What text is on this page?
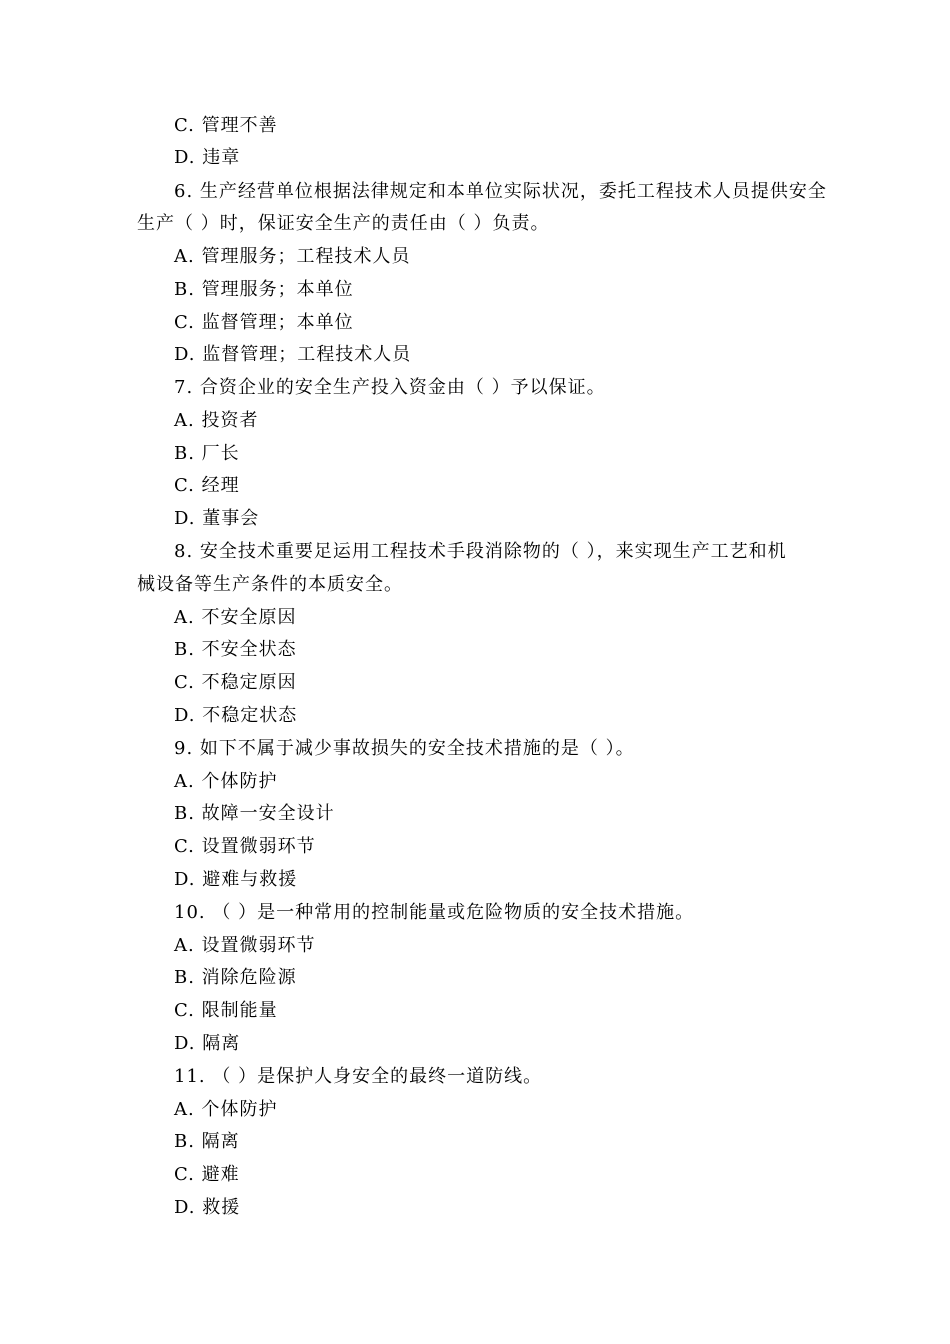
C. 管理不善
D. 违章
6. 生产经营单位根据法律规定和本单位实际状况，委托工程技术人员提供安全
生产（ ）时，保证安全生产的责任由（ ）负责。
A. 管理服务；工程技术人员
B. 管理服务；本单位
C. 监督管理；本单位
D. 监督管理；工程技术人员
7. 合资企业的安全生产投入资金由（ ）予以保证。
A. 投资者
B. 厂长
C. 经理
D. 董事会
8. 安全技术重要足运用工程技术手段消除物的（ ），来实现生产工艺和机
械设备等生产条件的本质安全。
A. 不安全原因
B. 不安全状态
C. 不稳定原因
D. 不稳定状态
9. 如下不属于减少事故损失的安全技术措施的是（ ）。
A. 个体防护
B. 故障一安全设计
C. 设置微弱环节
D. 避难与救援
10. （ ）是一种常用的控制能量或危险物质的安全技术措施。
A. 设置微弱环节
B. 消除危险源
C. 限制能量
D. 隔离
11. （ ）是保护人身安全的最终一道防线。
A. 个体防护
B. 隔离
C. 避难
D. 救援
